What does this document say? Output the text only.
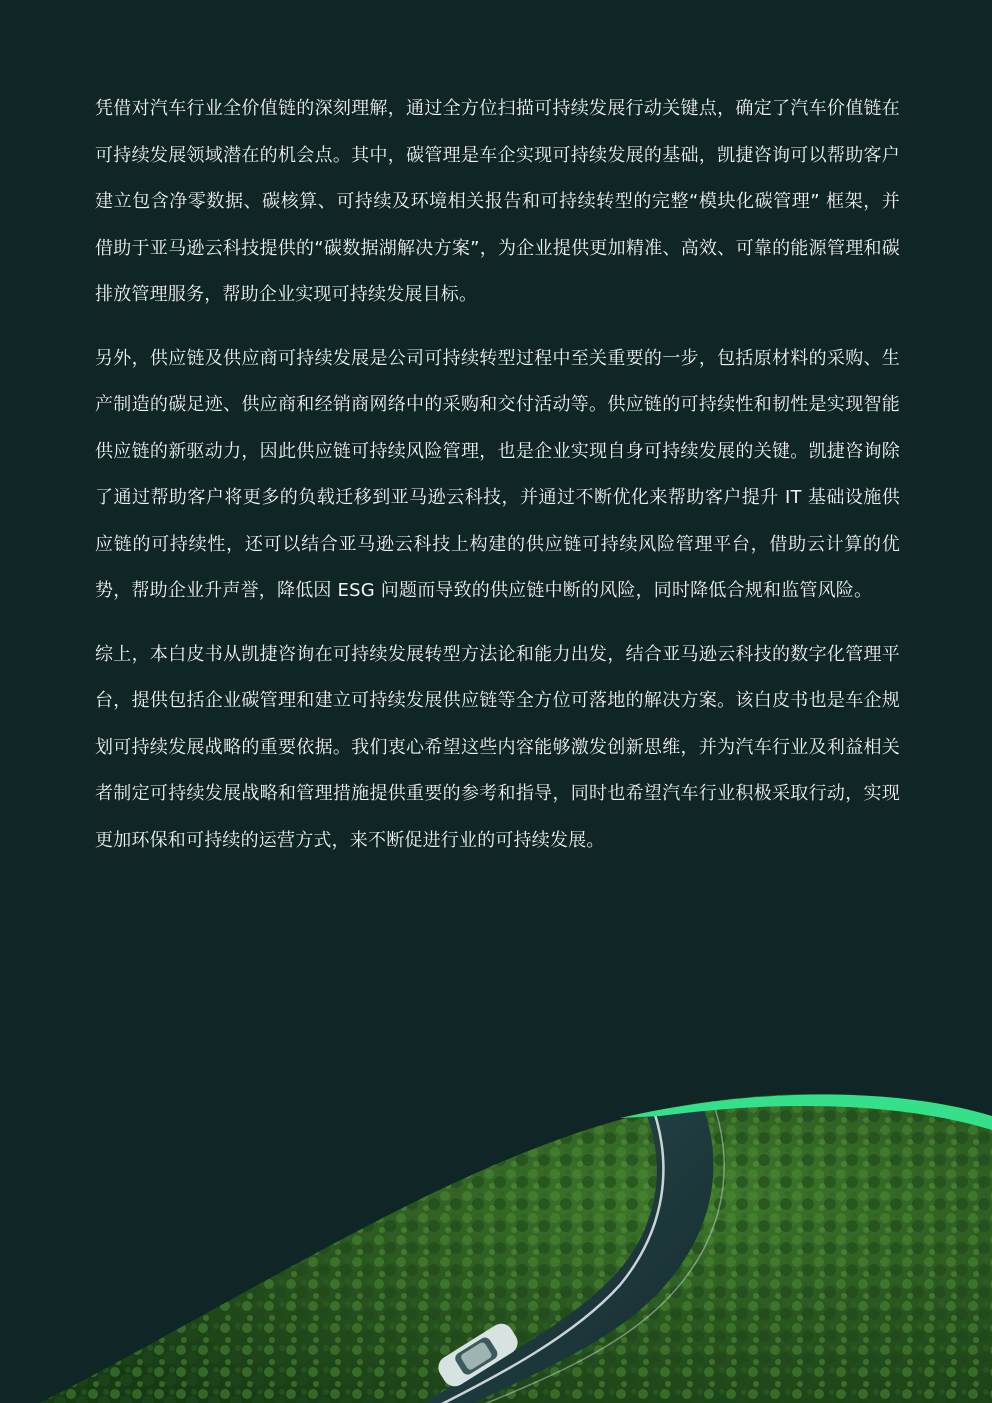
凭借对汽车行业全价值链的深刻理解，通过全方位扫描可持续发展行动关键点，确定了汽车价值链在可持续发展领域潜在的机会点。其中，碳管理是车企实现可持续发展的基础，凯捷咨询可以帮助客户建立包含净零数据、碳核算、可持续及环境相关报告和可持续转型的完整“模块化碳管理” 框架，并借助于亚马逊云科技提供的“碳数据湖解决方案”，为企业提供更加精准、高效、可靠的能源管理和碳排放管理服务，帮助企业实现可持续发展目标。

另外，供应链及供应商可持续发展是公司可持续转型过程中至关重要的一步，包括原材料的采购、生产制造的碳足迹、供应商和经销商网络中的采购和交付活动等。供应链的可持续性和韧性是实现智能供应链的新驱动力，因此供应链可持续风险管理，也是企业实现自身可持续发展的关键。凯捷咨询除了通过帮助客户将更多的负载迁移到亚马逊云科技，并通过不断优化来帮助客户提升 IT 基础设施供应链的可持续性，还可以结合亚马逊云科技上构建的供应链可持续风险管理平台，借助云计算的优势，帮助企业升声誉，降低因 ESG 问题而导致的供应链中断的风险，同时降低合规和监管风险。

综上，本白皮书从凯捷咨询在可持续发展转型方法论和能力出发，结合亚马逊云科技的数字化管理平台，提供包括企业碳管理和建立可持续发展供应链等全方位可落地的解决方案。该白皮书也是车企规划可持续发展战略的重要依据。我们衷心希望这些内容能够激发创新思维，并为汽车行业及利益相关者制定可持续发展战略和管理措施提供重要的参考和指导，同时也希望汽车行业积极采取行动，实现更加环保和可持续的运营方式，来不断促进行业的可持续发展。
